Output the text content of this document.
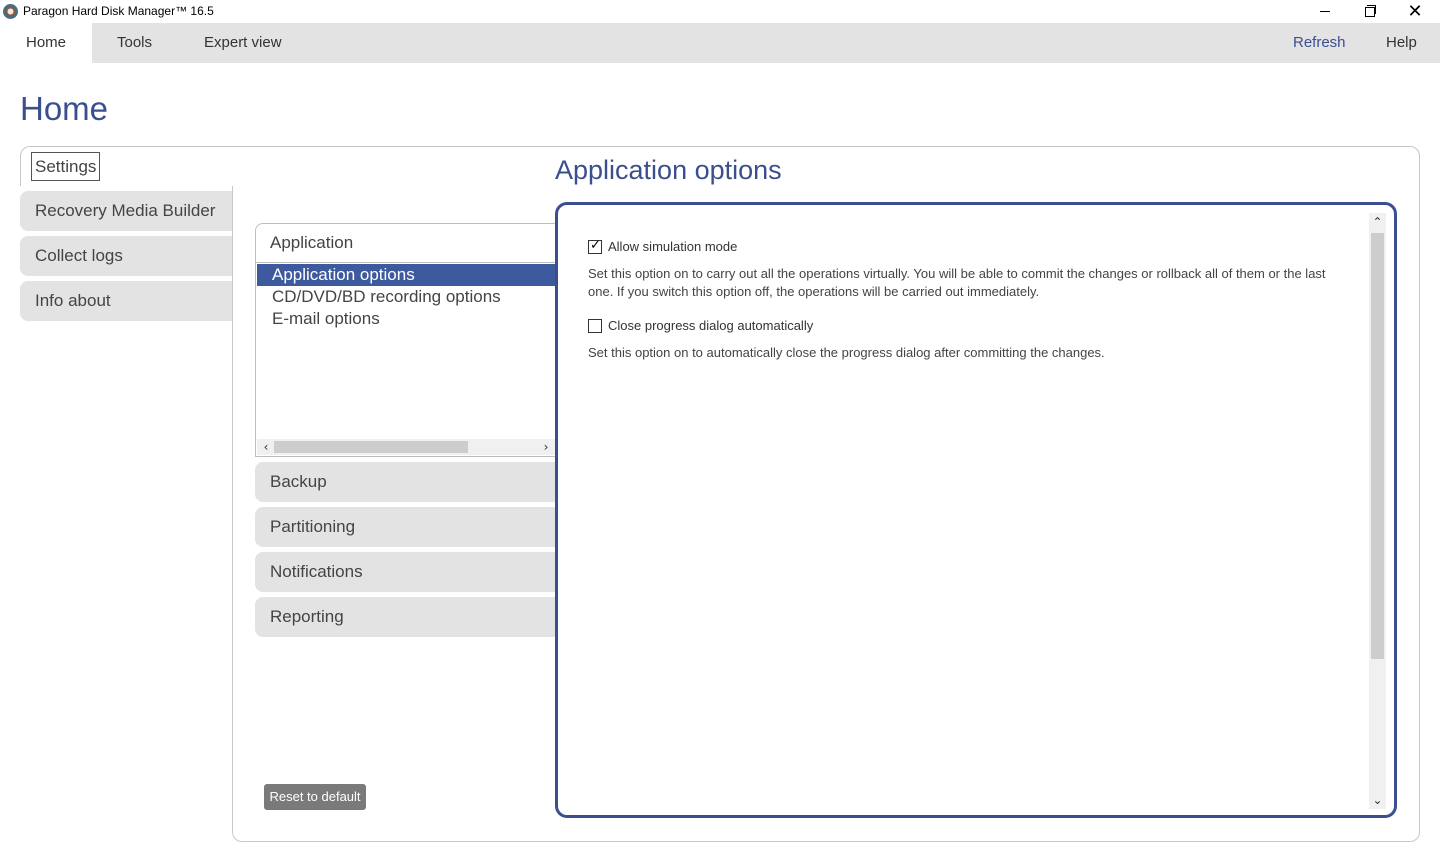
Paragon Hard Disk Manager™ 16.5	✕
Home	Tools	Expert view	Refresh	Help
Home
Settings
Recovery Media Builder
Collect logs
Info about
Application options
Application
Application options
CD/DVD/BD recording options
E-mail options
‹	›
Backup
Partitioning
Notifications
Reporting
Reset to default
✓
Allow simulation mode
Set this option on to carry out all the operations virtually. You will be able to commit the changes or rollback all of them or the last one. If you switch this option off, the operations will be carried out immediately.
Close progress dialog automatically
Set this option on to automatically close the progress dialog after committing the changes.
⌃
⌄
